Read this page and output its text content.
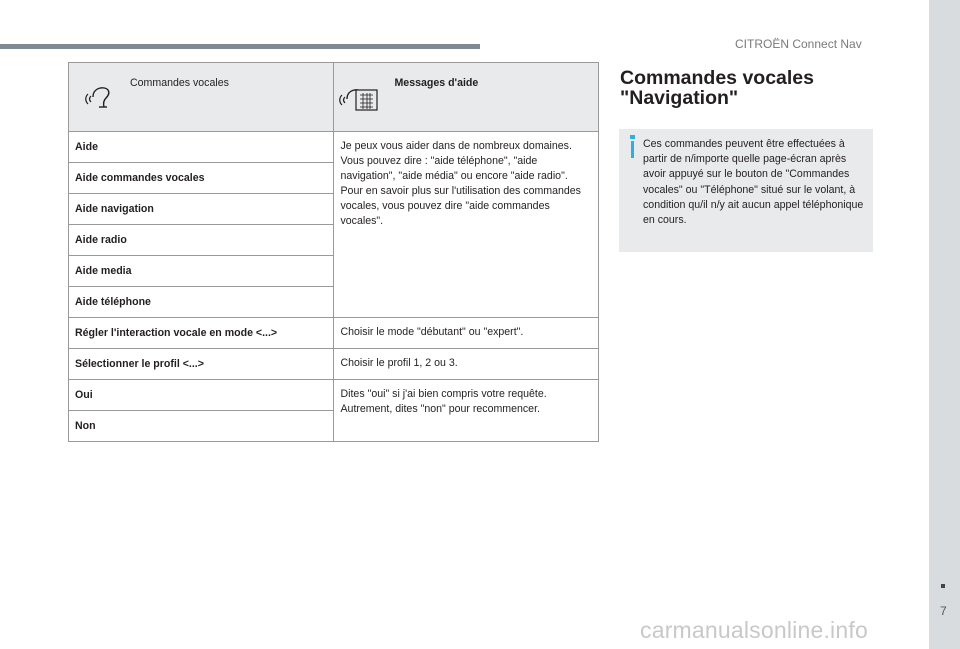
CITROËN Connect Nav
Commandes vocales	Messages d'aide

Aide	Je peux vous aider dans de nombreux domaines. Vous pouvez dire : "aide téléphone", "aide navigation", "aide média" ou encore "aide radio". Pour en savoir plus sur l'utilisation des commandes vocales, vous pouvez dire "aide commandes vocales".
Aide commandes vocales	
Aide navigation	
Aide radio	
Aide media	
Aide téléphone	
Régler l'interaction vocale en mode <...>	Choisir le mode "débutant" ou "expert".
Sélectionner le profil <...>	Choisir le profil 1, 2 ou 3.
Oui	Dites "oui" si j'ai bien compris votre requête. Autrement, dites "non" pour recommencer.
Non	
Commandes vocales "Navigation"
Ces commandes peuvent être effectuées à partir de n/importe quelle page-écran après avoir appuyé sur le bouton de "Commandes vocales" ou "Téléphone" situé sur le volant, à condition qu/il n/y ait aucun appel téléphonique en cours.
carmanualsonline.info
7
